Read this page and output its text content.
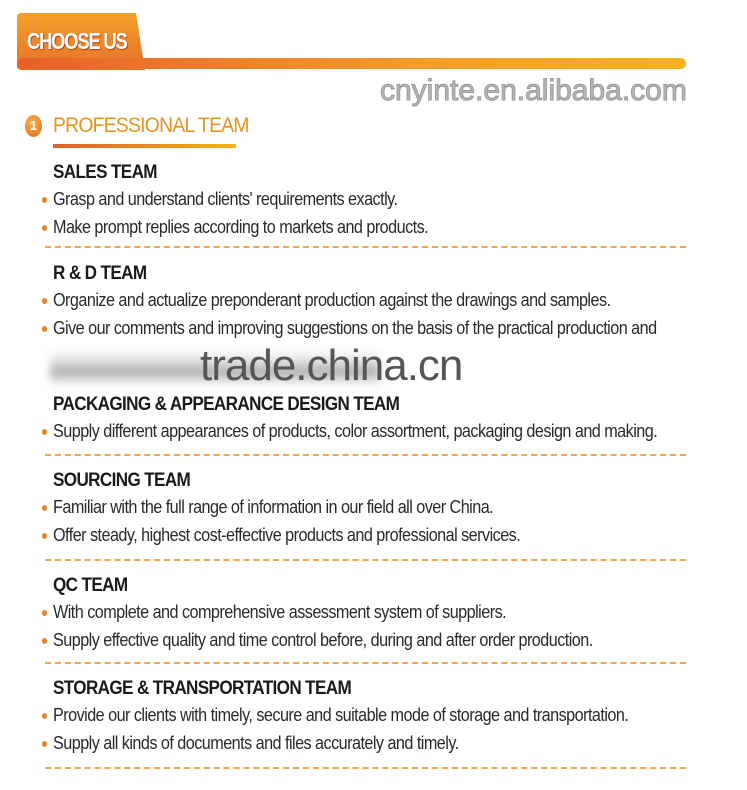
CHOOSE US
1 PROFESSIONAL TEAM
SALES TEAM
Grasp and understand clients' requirements exactly.
Make prompt replies according to markets and products.
R & D TEAM
Organize and actualize preponderant production against the drawings and samples.
Give our comments and improving suggestions on the basis of the practical production and
PACKAGING & APPEARANCE DESIGN TEAM
Supply different appearances of products, color assortment, packaging design and making.
SOURCING TEAM
Familiar with the full range of information in our field all over China.
Offer steady, highest cost-effective products and professional services.
QC TEAM
With complete and comprehensive assessment system of suppliers.
Supply effective quality and time control before, during and after order production.
STORAGE & TRANSPORTATION TEAM
Provide our clients with timely, secure and suitable mode of storage and transportation.
Supply all kinds of documents and files accurately and timely.
trade.china.cn
cnyinte.en.alibaba.com
